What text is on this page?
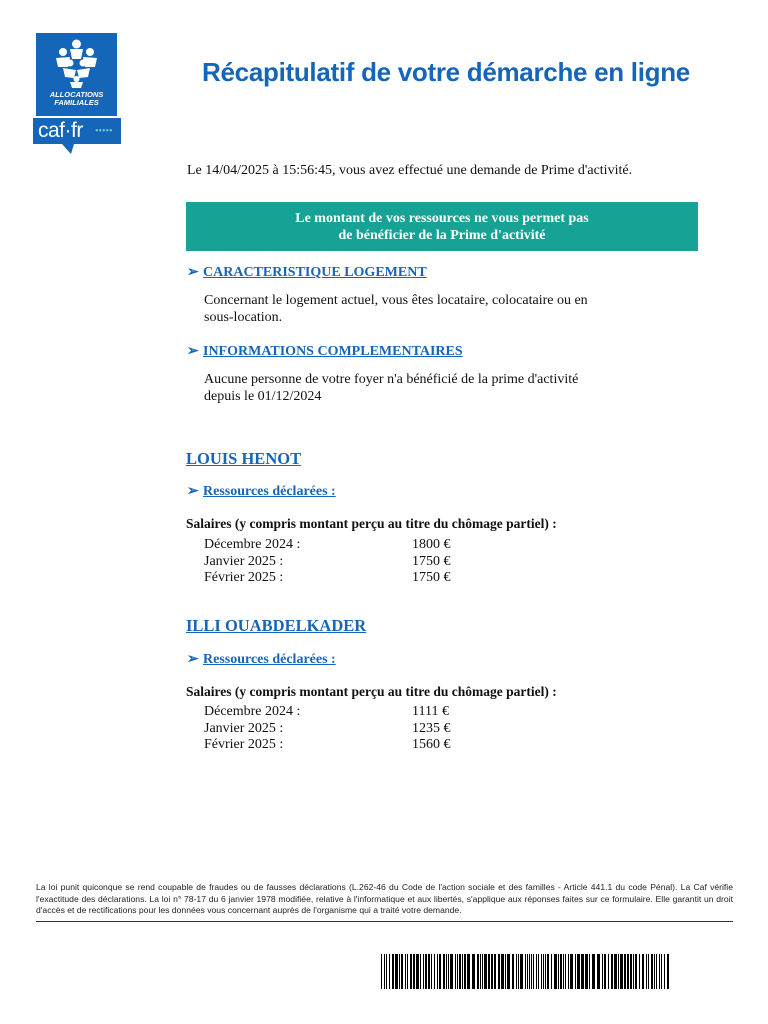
ALLOCATIONS
FAMILIALES
caf·fr •••••
Récapitulatif de votre démarche en ligne
Le 14/04/2025 à 15:56:45, vous avez effectué une demande de Prime d'activité.
Le montant de vos ressources ne vous permet pas
de bénéficier de la Prime d'activité
➢ CARACTERISTIQUE LOGEMENT
Concernant le logement actuel, vous êtes locataire, colocataire ou en
sous-location.
➢ INFORMATIONS COMPLEMENTAIRES
Aucune personne de votre foyer n'a bénéficié de la prime d'activité
depuis le 01/12/2024
LOUIS HENOT
➢ Ressources déclarées :
Salaires (y compris montant perçu au titre du chômage partiel) :
Décembre 2024 :	1800 €
Janvier 2025 :	1750 €
Février 2025 :	1750 €
ILLI OUABDELKADER
➢ Ressources déclarées :
Salaires (y compris montant perçu au titre du chômage partiel) :
Décembre 2024 :	1111 €
Janvier 2025 :	1235 €
Février 2025 :	1560 €
La loi punit quiconque se rend coupable de fraudes ou de fausses déclarations (L.262-46 du Code de l'action sociale et des familles - Article 441.1 du code Pénal). La Caf vérifie l'exactitude des déclarations. La loi n° 78-17 du 6 janvier 1978 modifiée, relative à l'informatique et aux libertés, s'applique aux réponses faites sur ce formulaire. Elle garantit un droit d'accès et de rectifications pour les données vous concernant auprès de l'organisme qui a traité votre demande.
